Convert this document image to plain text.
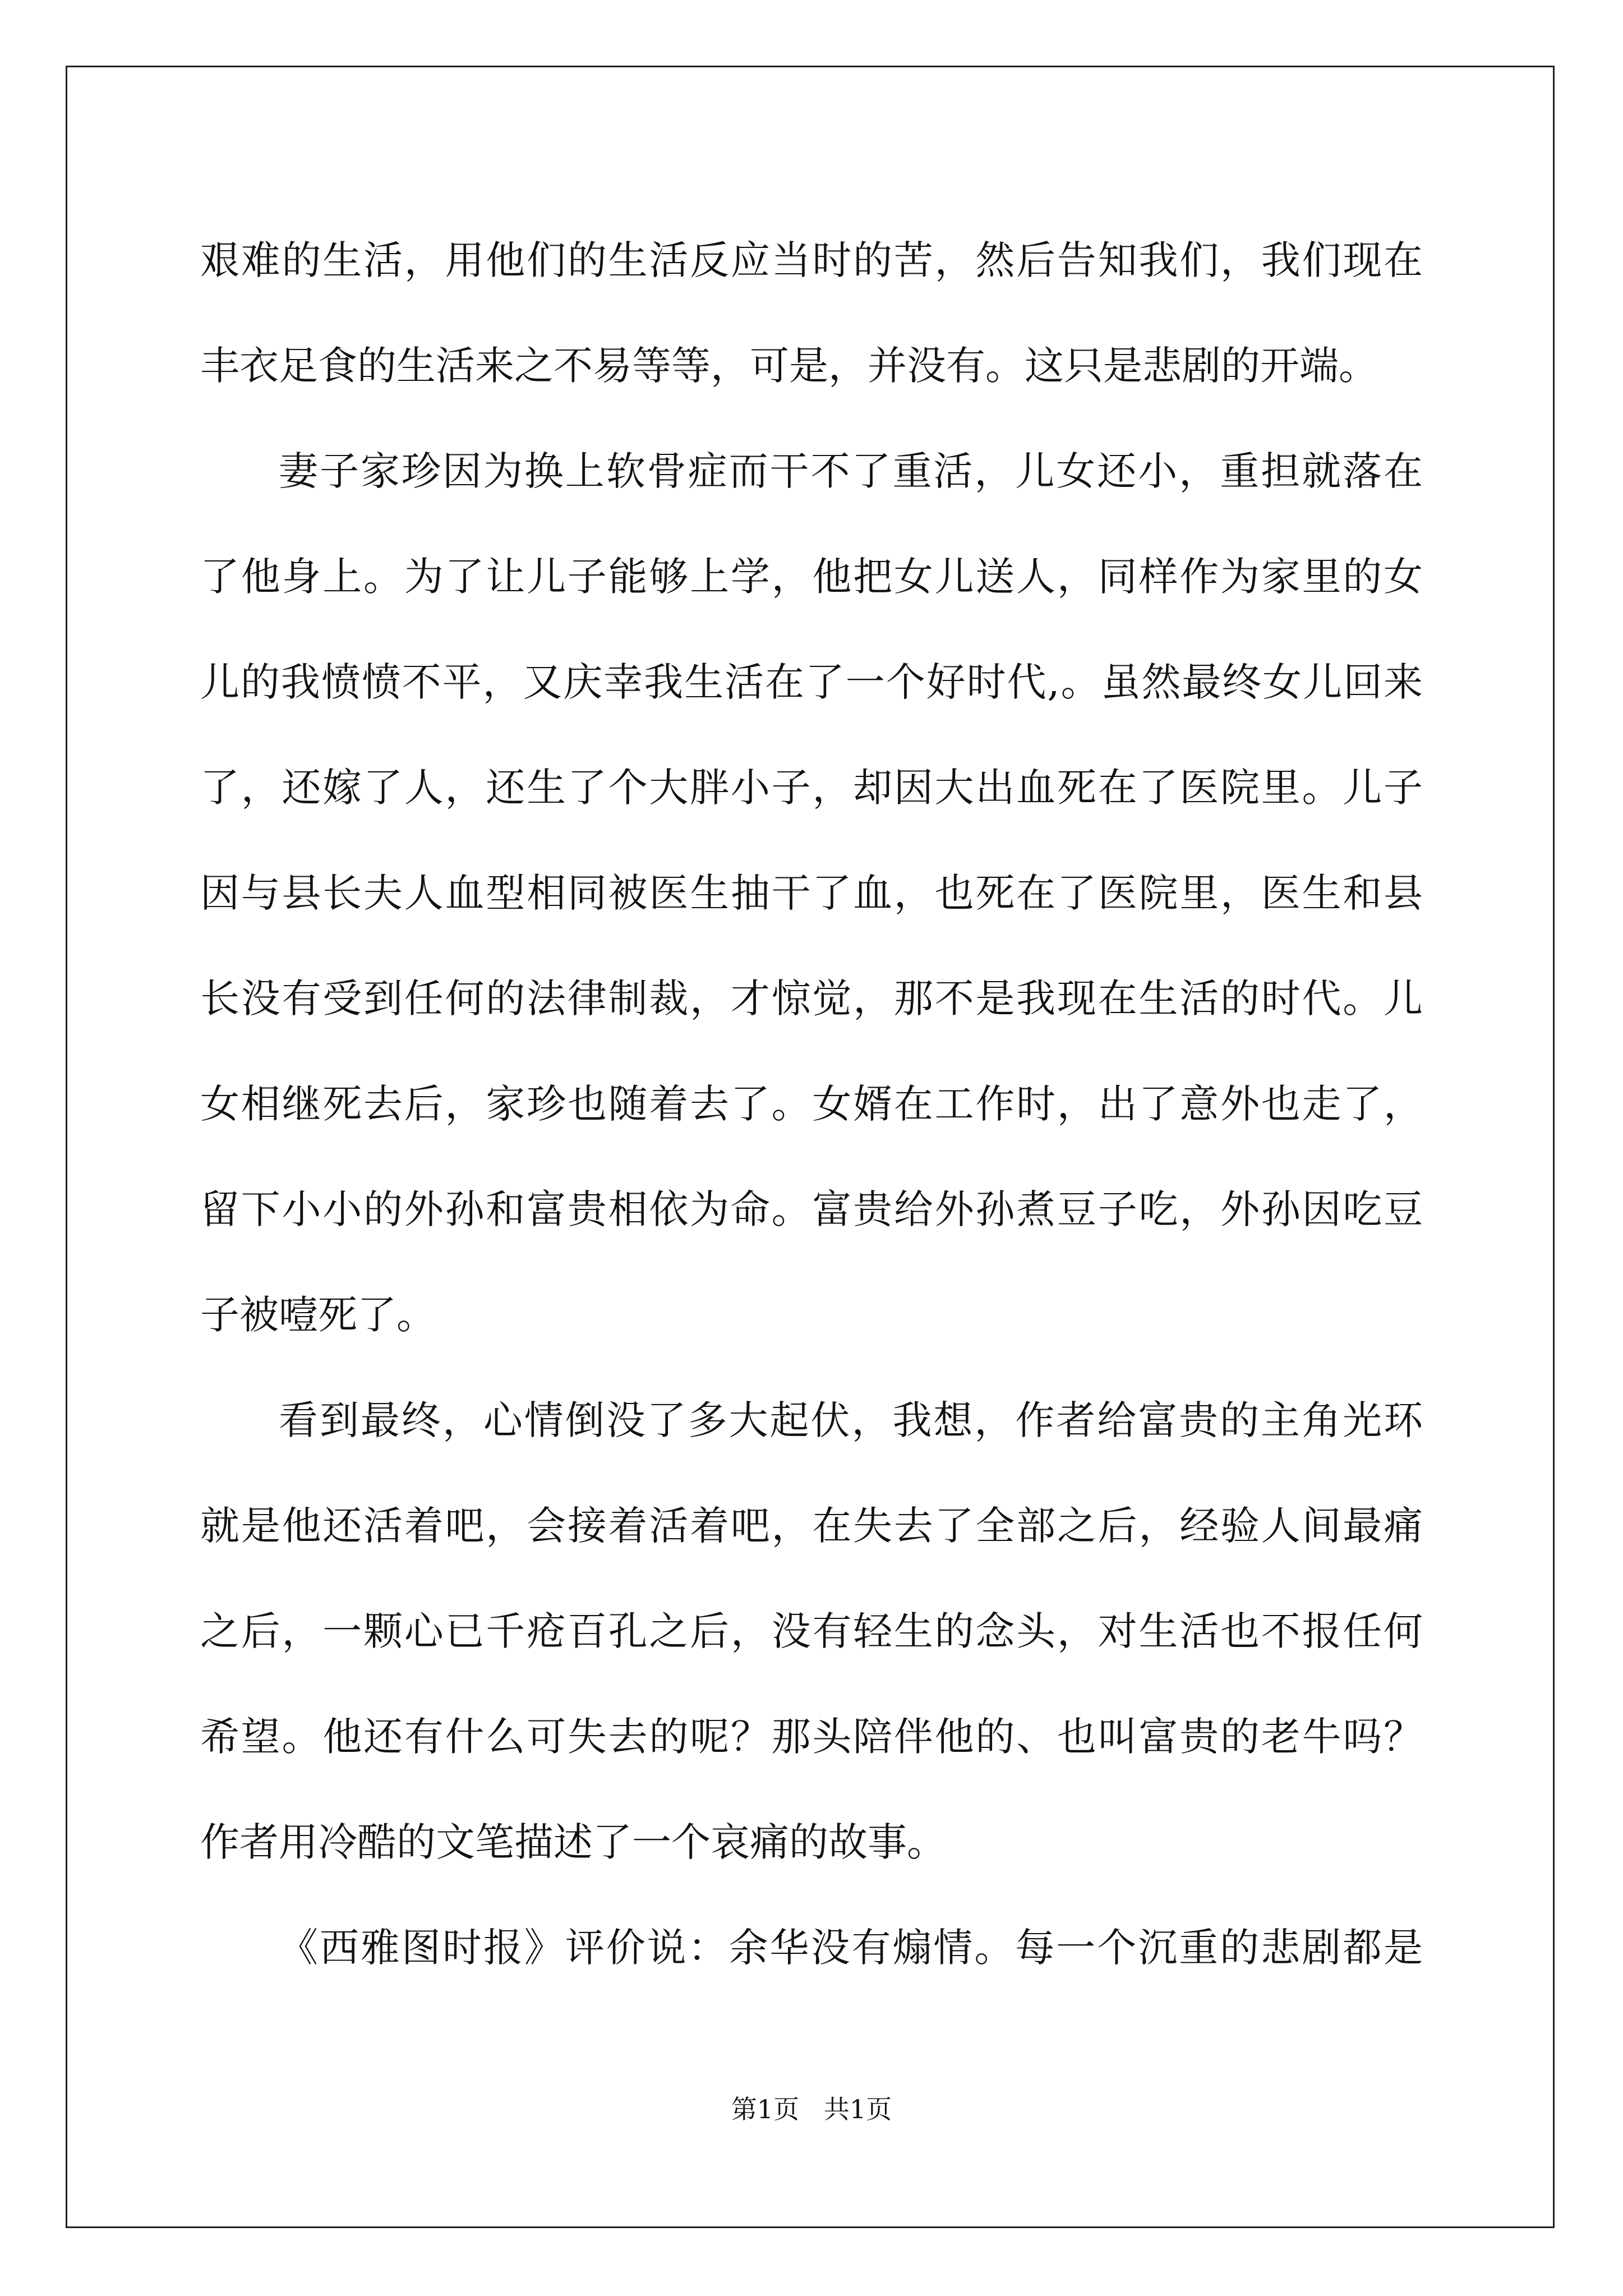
艰难的生活，用他们的生活反应当时的苦，然后告知我们，我们现在
丰衣足食的生活来之不易等等，可是，并没有。这只是悲剧的开端。
妻子家珍因为换上软骨症而干不了重活，儿女还小，重担就落在
了他身上。为了让儿子能够上学，他把女儿送人，同样作为家里的女
儿的我愤愤不平，又庆幸我生活在了一个好时代,。虽然最终女儿回来
了，还嫁了人，还生了个大胖小子，却因大出血死在了医院里。儿子
因与县长夫人血型相同被医生抽干了血，也死在了医院里，医生和县
长没有受到任何的法律制裁，才惊觉，那不是我现在生活的时代。儿
女相继死去后，家珍也随着去了。女婿在工作时，出了意外也走了，
留下小小的外孙和富贵相依为命。富贵给外孙煮豆子吃，外孙因吃豆
子被噎死了。
看到最终，心情倒没了多大起伏，我想，作者给富贵的主角光环
就是他还活着吧，会接着活着吧，在失去了全部之后，经验人间最痛
之后，一颗心已千疮百孔之后，没有轻生的念头，对生活也不报任何
希望。他还有什么可失去的呢？那头陪伴他的、也叫富贵的老牛吗？
作者用冷酷的文笔描述了一个哀痛的故事。
《西雅图时报》评价说：余华没有煽情。每一个沉重的悲剧都是
第1页   共1页
